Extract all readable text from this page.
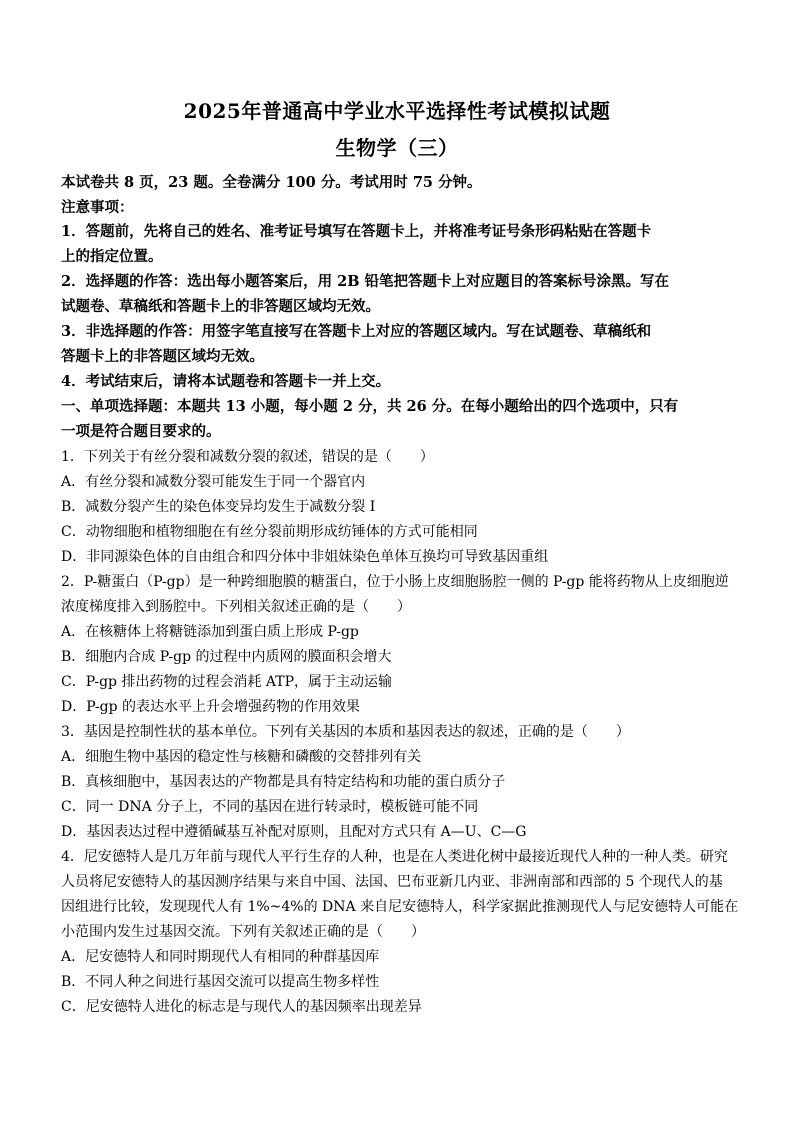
2025年普通高中学业水平选择性考试模拟试题
生物学（三）
本试卷共 8 页，23 题。全卷满分 100 分。考试用时 75 分钟。
注意事项：
1．答题前，先将自己的姓名、准考证号填写在答题卡上，并将准考证号条形码粘贴在答题卡
上的指定位置。
2．选择题的作答：选出每小题答案后，用 2B 铅笔把答题卡上对应题目的答案标号涂黑。写在
试题卷、草稿纸和答题卡上的非答题区域均无效。
3．非选择题的作答：用签字笔直接写在答题卡上对应的答题区域内。写在试题卷、草稿纸和
答题卡上的非答题区域均无效。
4．考试结束后，请将本试题卷和答题卡一并上交。
一、单项选择题：本题共 13 小题，每小题 2 分，共 26 分。在每小题给出的四个选项中，只有
一项是符合题目要求的。
1．下列关于有丝分裂和减数分裂的叙述，错误的是（　　）
A．有丝分裂和减数分裂可能发生于同一个器官内
B．减数分裂产生的染色体变异均发生于减数分裂 I
C．动物细胞和植物细胞在有丝分裂前期形成纺锤体的方式可能相同
D．非同源染色体的自由组合和四分体中非姐妹染色单体互换均可导致基因重组
2．P-糖蛋白（P-gp）是一种跨细胞膜的糖蛋白，位于小肠上皮细胞肠腔一侧的 P-gp 能将药物从上皮细胞逆
浓度梯度排入到肠腔中。下列相关叙述正确的是（　　）
A．在核糖体上将糖链添加到蛋白质上形成 P-gp
B．细胞内合成 P-gp 的过程中内质网的膜面积会增大
C．P-gp 排出药物的过程会消耗 ATP，属于主动运输
D．P-gp 的表达水平上升会增强药物的作用效果
3．基因是控制性状的基本单位。下列有关基因的本质和基因表达的叙述，正确的是（　　）
A．细胞生物中基因的稳定性与核糖和磷酸的交替排列有关
B．真核细胞中，基因表达的产物都是具有特定结构和功能的蛋白质分子
C．同一 DNA 分子上，不同的基因在进行转录时，模板链可能不同
D．基因表达过程中遵循碱基互补配对原则，且配对方式只有 A—U、C—G
4．尼安德特人是几万年前与现代人平行生存的人种，也是在人类进化树中最接近现代人种的一种人类。研究
人员将尼安德特人的基因测序结果与来自中国、法国、巴布亚新几内亚、非洲南部和西部的 5 个现代人的基
因组进行比较，发现现代人有 1%~4%的 DNA 来自尼安德特人，科学家据此推测现代人与尼安德特人可能在
小范围内发生过基因交流。下列有关叙述正确的是（　　）
A．尼安德特人和同时期现代人有相同的种群基因库
B．不同人种之间进行基因交流可以提高生物多样性
C．尼安德特人进化的标志是与现代人的基因频率出现差异
